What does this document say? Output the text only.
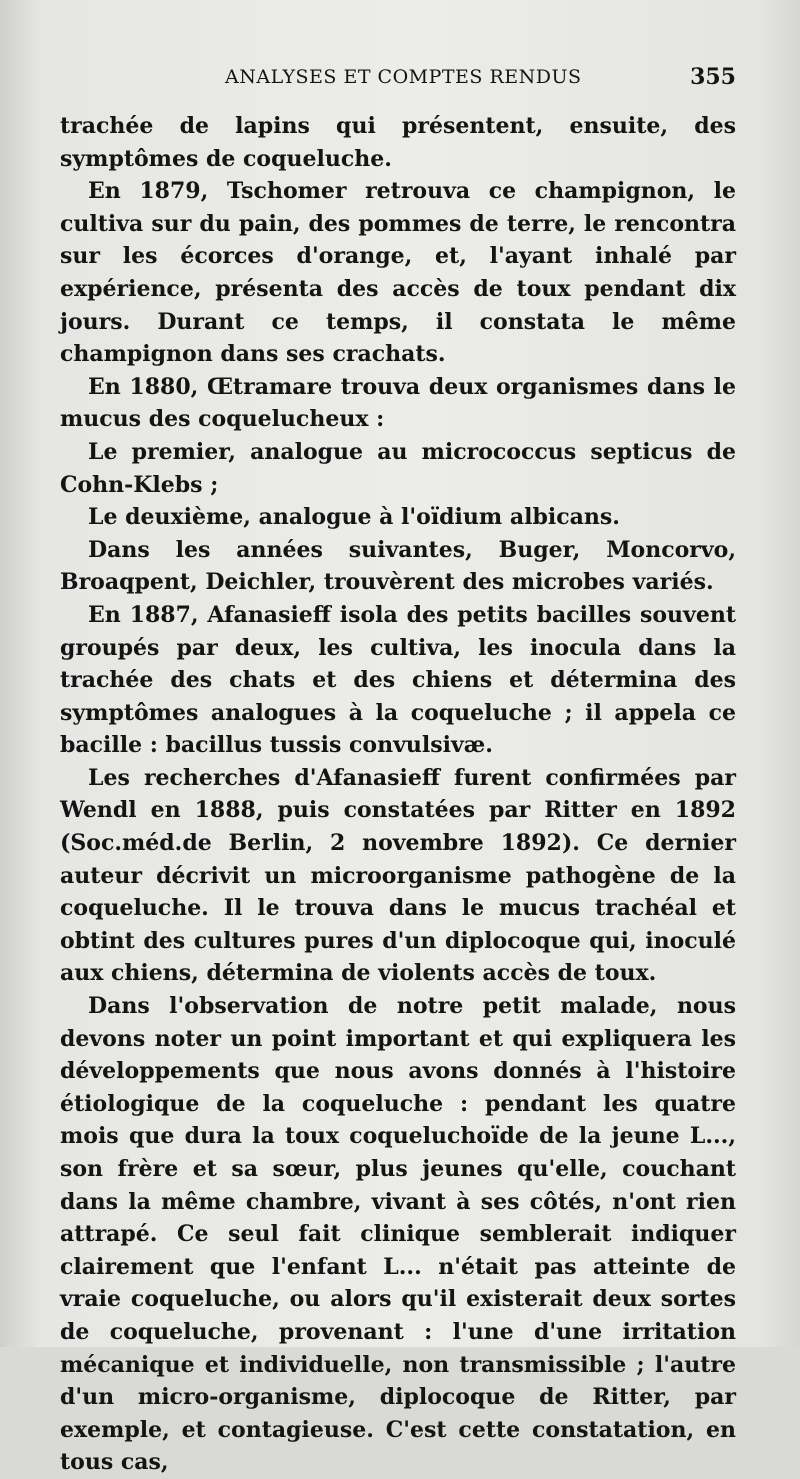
ANALYSES ET COMPTES RENDUS	355

trachée de lapins qui présentent, ensuite, des symptômes de coqueluche.

En 1879, Tschomer retrouva ce champignon, le cultiva sur du pain, des pommes de terre, le rencontra sur les écorces d'orange, et, l'ayant inhalé par expérience, présenta des accès de toux pendant dix jours. Durant ce temps, il constata le même champignon dans ses crachats.

En 1880, Œtramare trouva deux organismes dans le mucus des coqueluchеux :

Le premier, analogue au micrococcus septicus de Cohn-Klebs ;

Le deuxième, analogue à l'oïdium albicans.

Dans les années suivantes, Buger, Moncorvo, Broaqpent, Deichler, trouvèrent des microbes variés.

En 1887, Afanasieff isola des petits bacilles souvent groupés par deux, les cultiva, les inocula dans la trachée des chats et des chiens et détermina des symptômes analogues à la coqueluche ; il appela ce bacille : bacillus tussis convulsivæ.

Les recherches d'Afanasieff furent confirmées par Wendl en 1888, puis constatées par Ritter en 1892 (Soc.méd.de Berlin, 2 novembre 1892). Ce dernier auteur décrivit un microorganisme pathogène de la coqueluche. Il le trouva dans le mucus trachéal et obtint des cultures pures d'un diplocoque qui, inoculé aux chiens, détermina de violents accès de toux.

Dans l'observation de notre petit malade, nous devons noter un point important et qui expliquera les développements que nous avons donnés à l'histoire étiologique de la coqueluche : pendant les quatre mois que dura la toux coqueluchoïde de la jeune L..., son frère et sa sœur, plus jeunes qu'elle, couchant dans la même chambre, vivant à ses côtés, n'ont rien attrapé. Ce seul fait clinique semblerait indiquer clairement que l'enfant L... n'était pas atteinte de vraie coqueluche, ou alors qu'il existerait deux sortes de coqueluche, provenant : l'une d'une irritation mécanique et individuelle, non transmissible ; l'autre d'un micro-organisme, diplocoque de Ritter, par exemple, et contagieuse. C'est cette constatation, en tous cas,
